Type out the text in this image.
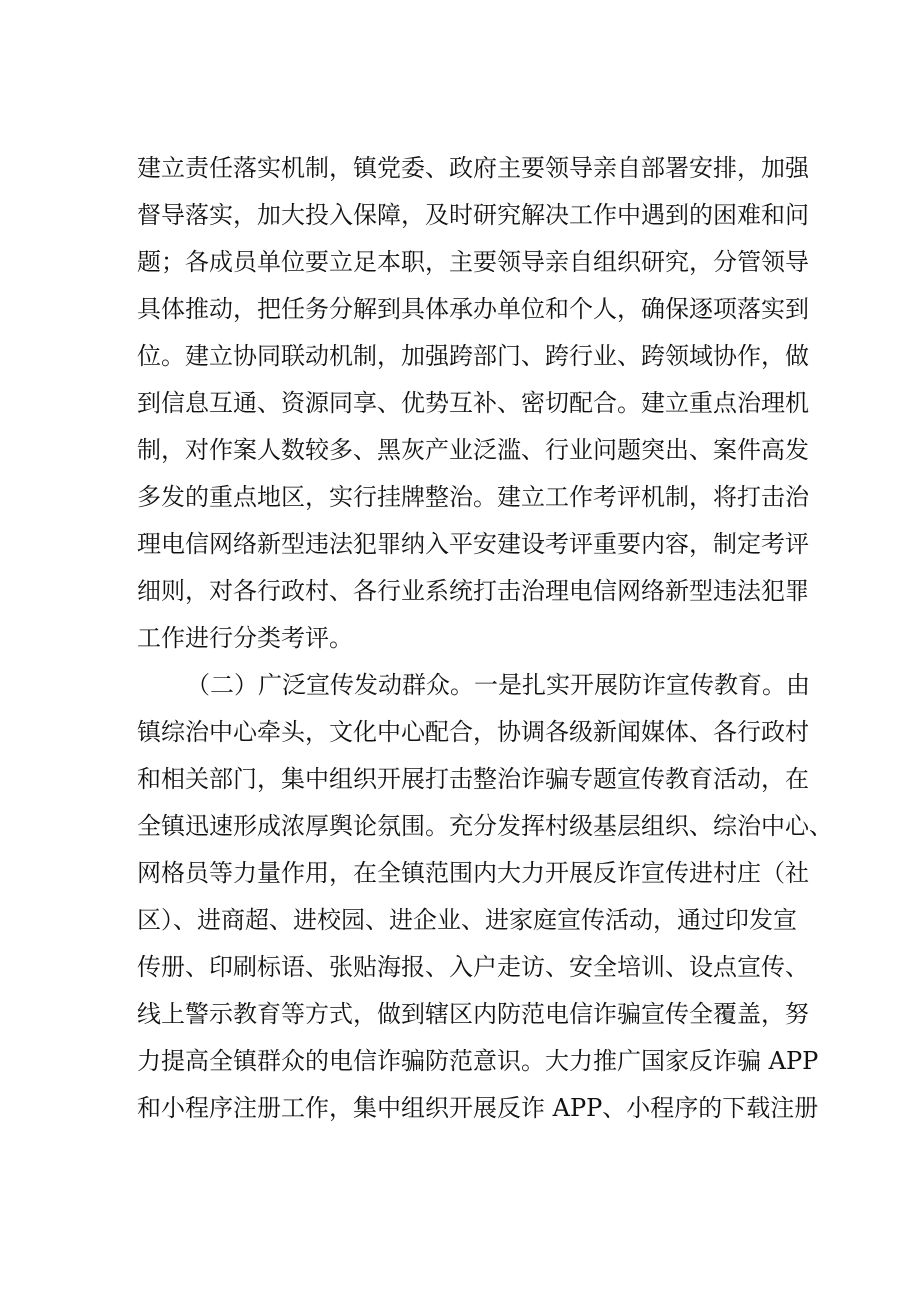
建立责任落实机制，镇党委、政府主要领导亲自部署安排，加强
督导落实，加大投入保障，及时研究解决工作中遇到的困难和问
题；各成员单位要立足本职，主要领导亲自组织研究，分管领导
具体推动，把任务分解到具体承办单位和个人，确保逐项落实到
位。建立协同联动机制，加强跨部门、跨行业、跨领域协作，做
到信息互通、资源同享、优势互补、密切配合。建立重点治理机
制，对作案人数较多、黑灰产业泛滥、行业问题突出、案件高发
多发的重点地区，实行挂牌整治。建立工作考评机制，将打击治
理电信网络新型违法犯罪纳入平安建设考评重要内容，制定考评
细则，对各行政村、各行业系统打击治理电信网络新型违法犯罪
工作进行分类考评。
（二）广泛宣传发动群众。一是扎实开展防诈宣传教育。由
镇综治中心牵头，文化中心配合，协调各级新闻媒体、各行政村
和相关部门，集中组织开展打击整治诈骗专题宣传教育活动，在
全镇迅速形成浓厚舆论氛围。充分发挥村级基层组织、综治中心、
网格员等力量作用，在全镇范围内大力开展反诈宣传进村庄（社
区）、进商超、进校园、进企业、进家庭宣传活动，通过印发宣
传册、印刷标语、张贴海报、入户走访、安全培训、设点宣传、
线上警示教育等方式，做到辖区内防范电信诈骗宣传全覆盖，努
力提高全镇群众的电信诈骗防范意识。大力推广国家反诈骗 APP
和小程序注册工作，集中组织开展反诈 APP、小程序的下载注册
